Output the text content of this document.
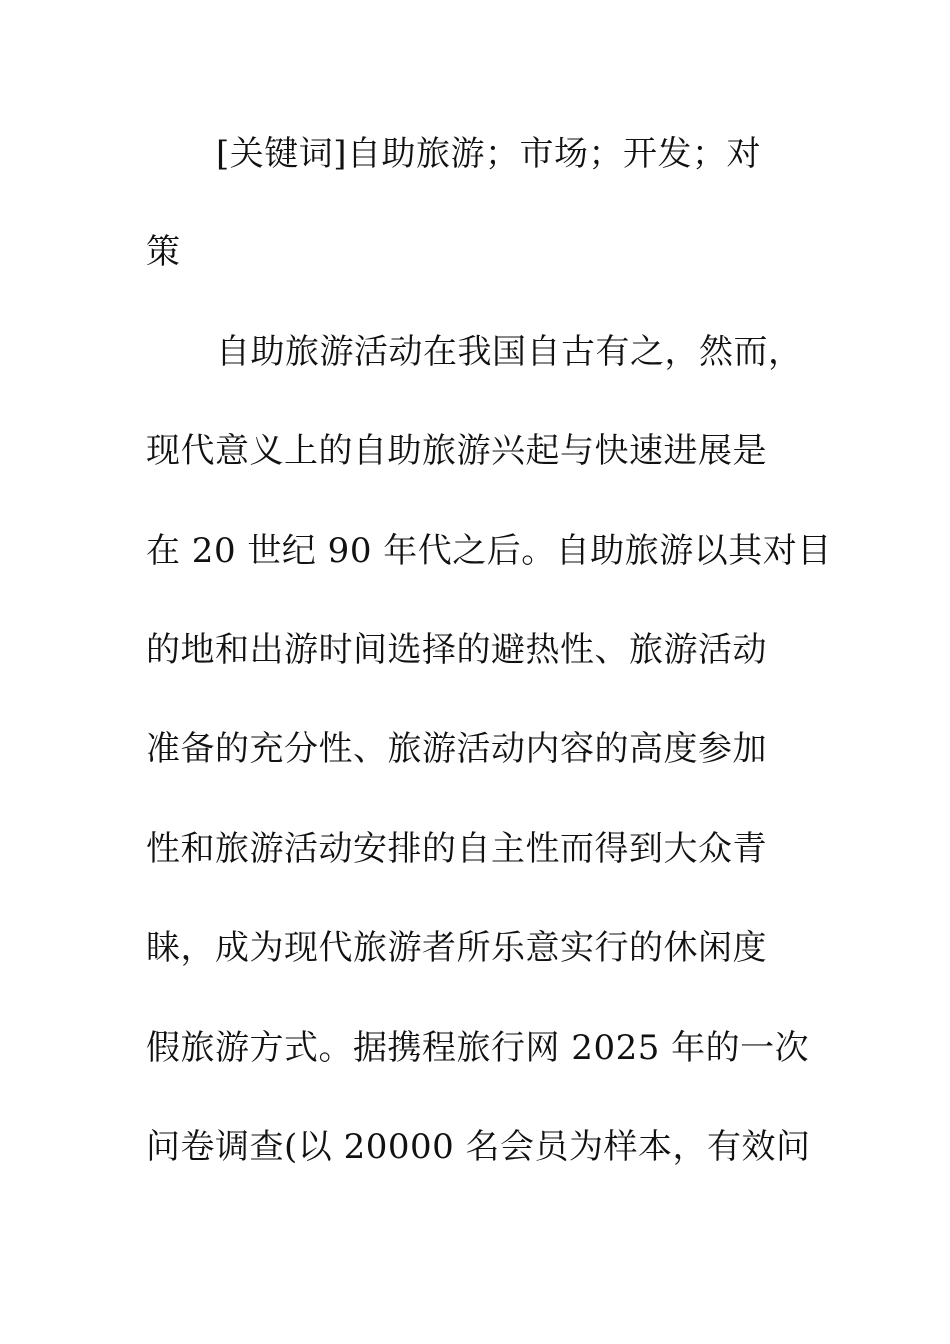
[关键词]自助旅游；市场；开发；对
策
自助旅游活动在我国自古有之，然而，
现代意义上的自助旅游兴起与快速进展是
在 20 世纪 90 年代之后。自助旅游以其对目
的地和出游时间选择的避热性、旅游活动
准备的充分性、旅游活动内容的高度参加
性和旅游活动安排的自主性而得到大众青
睐，成为现代旅游者所乐意实行的休闲度
假旅游方式。据携程旅行网 2025 年的一次
问卷调查(以 20000 名会员为样本，有效问
